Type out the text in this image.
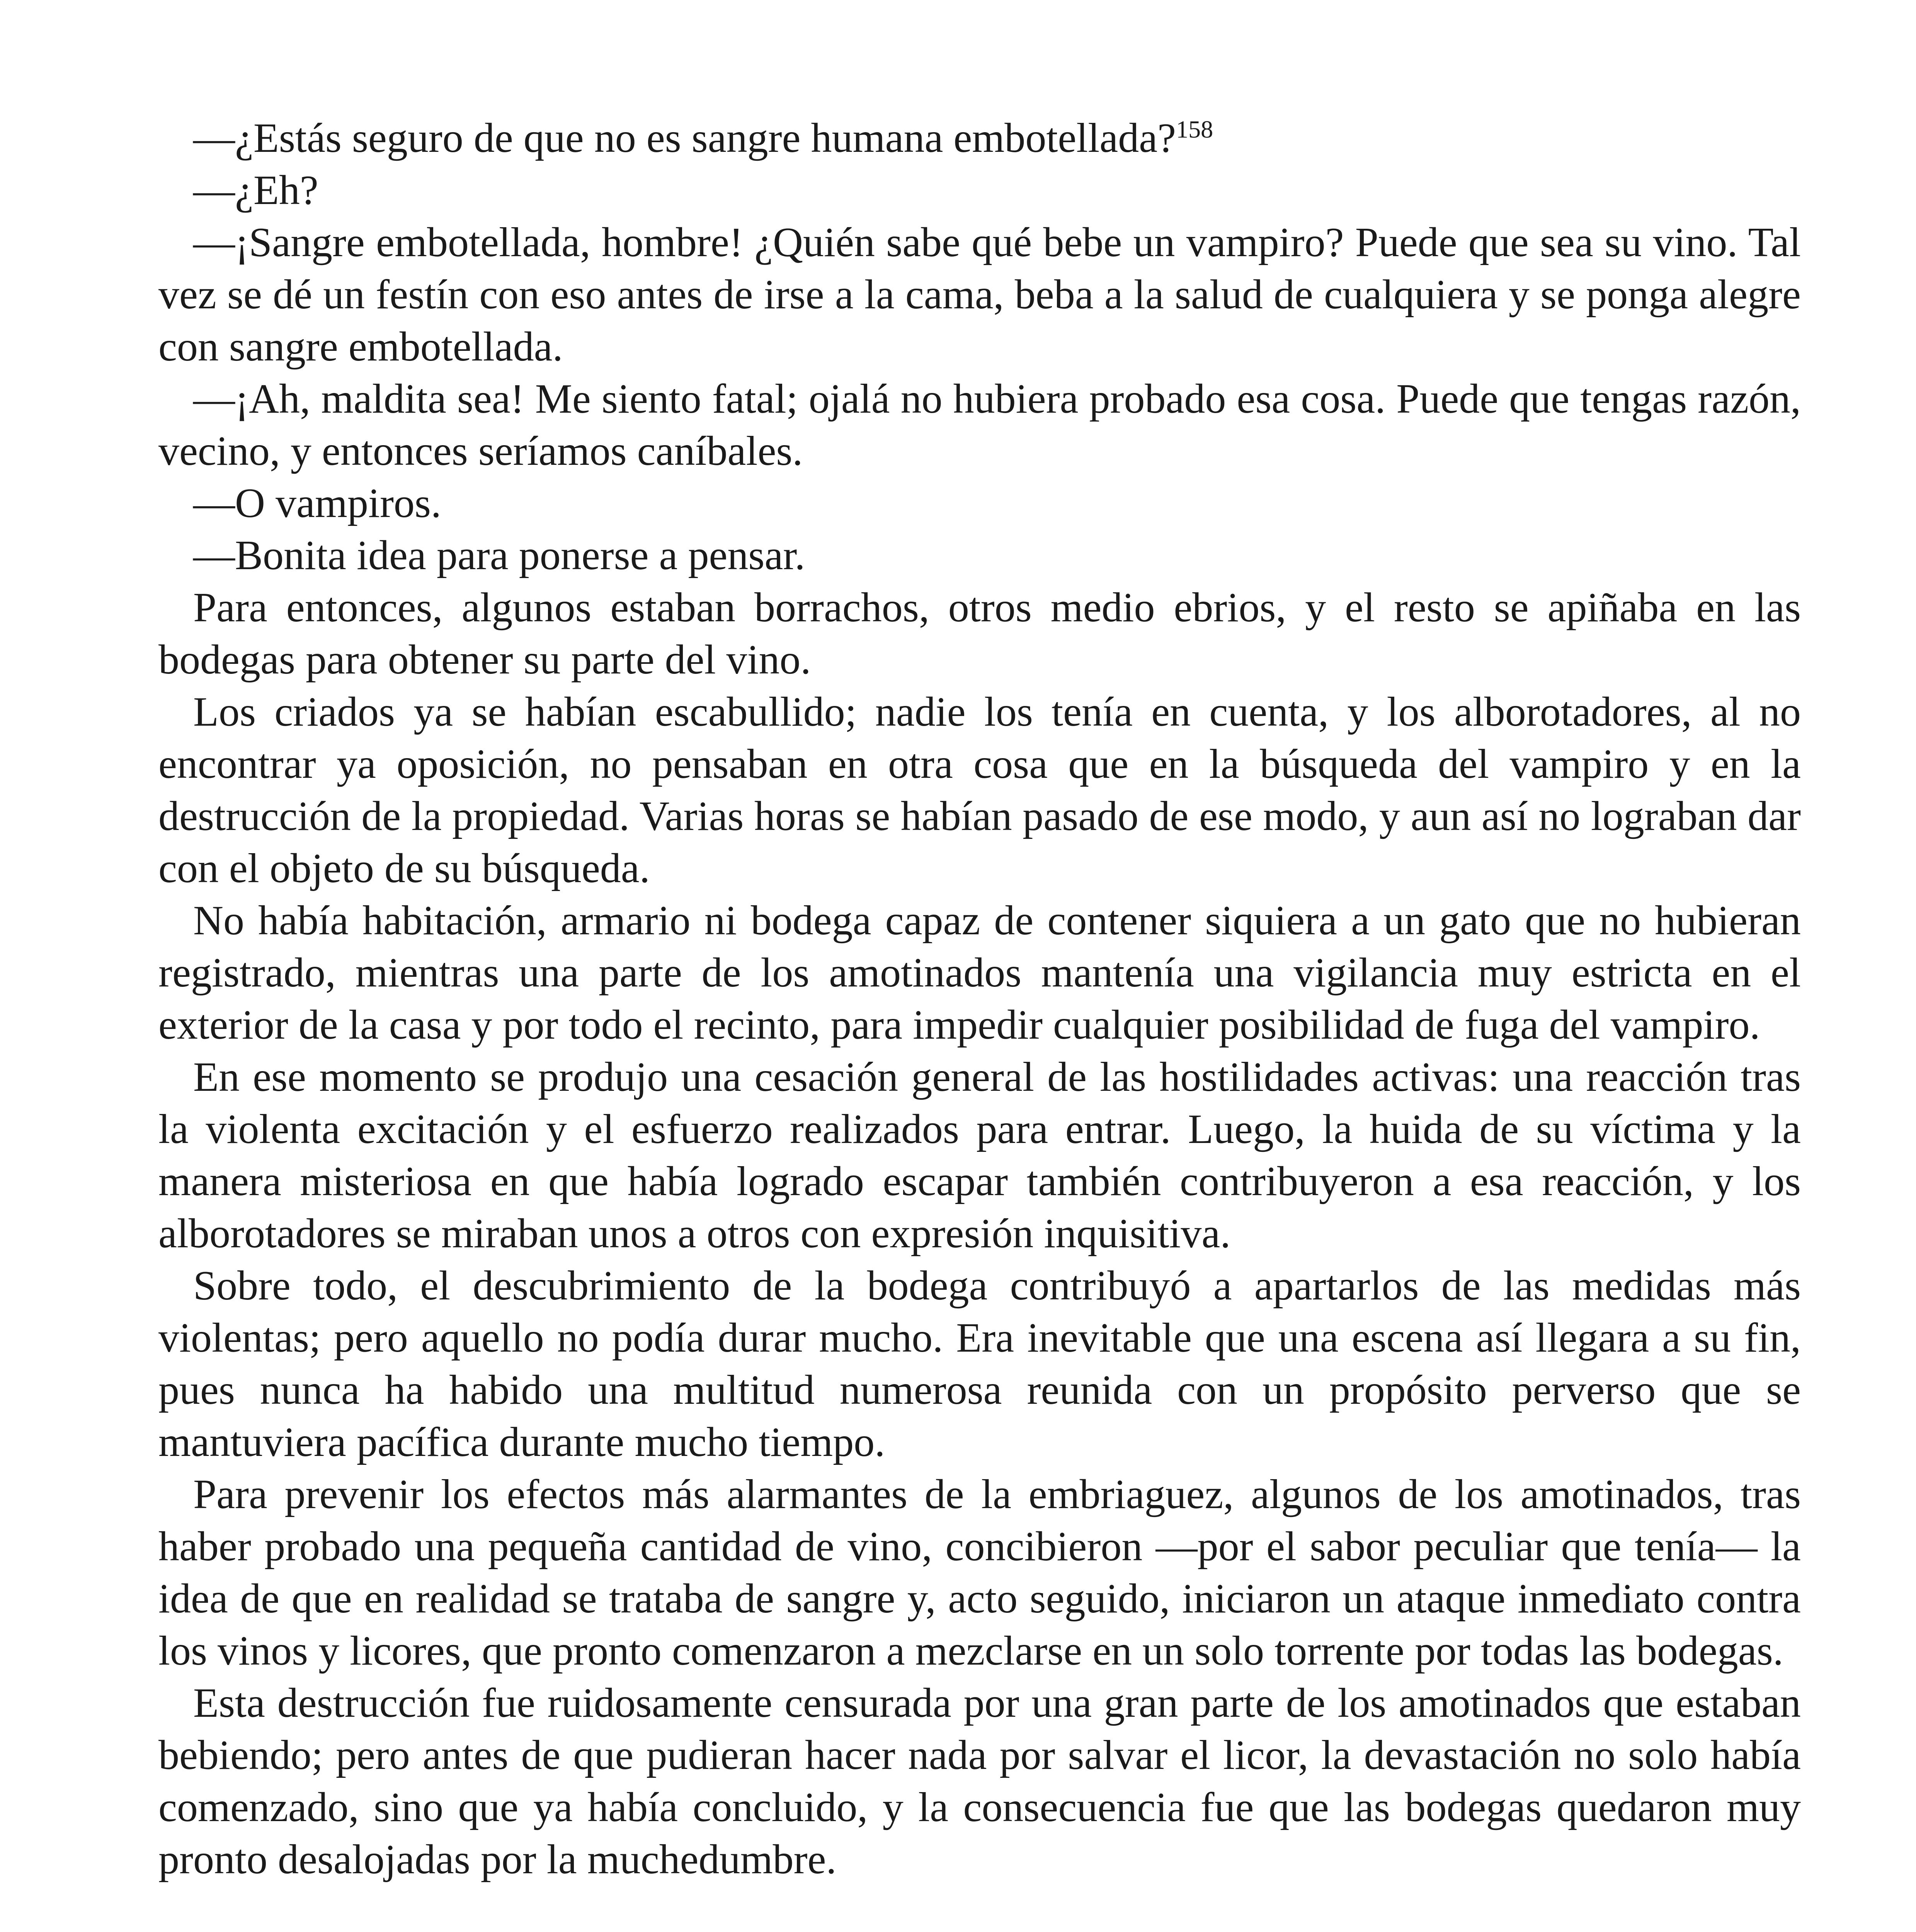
—¿Estás seguro de que no es sangre humana embotellada?$^{158}$

—¿Eh?

—¡Sangre embotellada, hombre! ¿Quién sabe qué bebe un vampiro? Puede que sea su vino. Tal vez se dé un festín con eso antes de irse a la cama, beba a la salud de cualquiera y se ponga alegre con sangre embotellada.

—¡Ah, maldita sea! Me siento fatal; ojalá no hubiera probado esa cosa. Puede que tengas razón, vecino, y entonces seríamos caníbales.

—O vampiros.

—Bonita idea para ponerse a pensar.

Para entonces, algunos estaban borrachos, otros medio ebrios, y el resto se apiñaba en las bodegas para obtener su parte del vino.

Los criados ya se habían escabullido; nadie los tenía en cuenta, y los alborotadores, al no encontrar ya oposición, no pensaban en otra cosa que en la búsqueda del vampiro y en la destrucción de la propiedad. Varias horas se habían pasado de ese modo, y aun así no lograban dar con el objeto de su búsqueda.

No había habitación, armario ni bodega capaz de contener siquiera a un gato que no hubieran registrado, mientras una parte de los amotinados mantenía una vigilancia muy estricta en el exterior de la casa y por todo el recinto, para impedir cualquier posibilidad de fuga del vampiro.

En ese momento se produjo una cesación general de las hostilidades activas: una reacción tras la violenta excitación y el esfuerzo realizados para entrar. Luego, la huida de su víctima y la manera misteriosa en que había logrado escapar también contribuyeron a esa reacción, y los alborotadores se miraban unos a otros con expresión inquisitiva.

Sobre todo, el descubrimiento de la bodega contribuyó a apartarlos de las medidas más violentas; pero aquello no podía durar mucho. Era inevitable que una escena así llegara a su fin, pues nunca ha habido una multitud numerosa reunida con un propósito perverso que se mantuviera pacífica durante mucho tiempo.

Para prevenir los efectos más alarmantes de la embriaguez, algunos de los amotinados, tras haber probado una pequeña cantidad de vino, concibieron —por el sabor peculiar que tenía— la idea de que en realidad se trataba de sangre y, acto seguido, iniciaron un ataque inmediato contra los vinos y licores, que pronto comenzaron a mezclarse en un solo torrente por todas las bodegas.

Esta destrucción fue ruidosamente censurada por una gran parte de los amotinados que estaban bebiendo; pero antes de que pudieran hacer nada por salvar el licor, la devastación no solo había comenzado, sino que ya había concluido, y la consecuencia fue que las bodegas quedaron muy pronto desalojadas por la muchedumbre.
